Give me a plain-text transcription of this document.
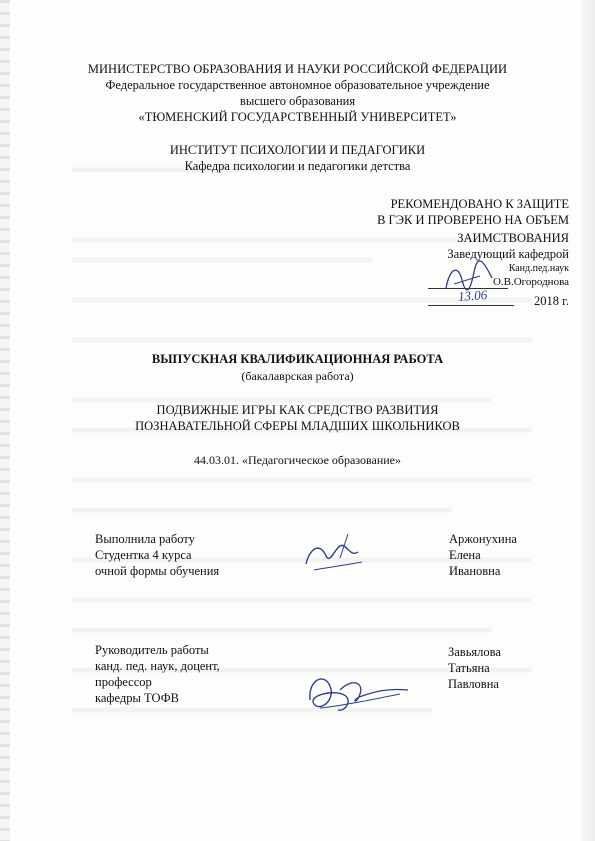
МИНИСТЕРСТВО ОБРАЗОВАНИЯ И НАУКИ РОССИЙСКОЙ ФЕДЕРАЦИИ
Федеральное государственное автономное образовательное учреждение
высшего образования
«ТЮМЕНСКИЙ ГОСУДАРСТВЕННЫЙ УНИВЕРСИТЕТ»
ИНСТИТУТ ПСИХОЛОГИИ И ПЕДАГОГИКИ
Кафедра психологии и педагогики детства
РЕКОМЕНДОВАНО К ЗАЩИТЕ
В ГЭК И ПРОВЕРЕНО НА ОБЪЕМ
ЗАИМСТВОВАНИЯ
Заведующий кафедрой
Канд.пед.наук
О.В.Огороднова
13.06	2018 г.
ВЫПУСКНАЯ КВАЛИФИКАЦИОННАЯ РАБОТА
(бакалаврская работа)
ПОДВИЖНЫЕ ИГРЫ КАК СРЕДСТВО РАЗВИТИЯ
ПОЗНАВАТЕЛЬНОЙ СФЕРЫ МЛАДШИХ ШКОЛЬНИКОВ
44.03.01. «Педагогическое образование»
Выполнила работу
Студентка 4 курса
очной формы обучения
Аржонухина
Елена
Ивановна
Руководитель работы
канд. пед. наук, доцент,
профессор
кафедры ТОФВ
Завьялова
Татьяна
Павловна
